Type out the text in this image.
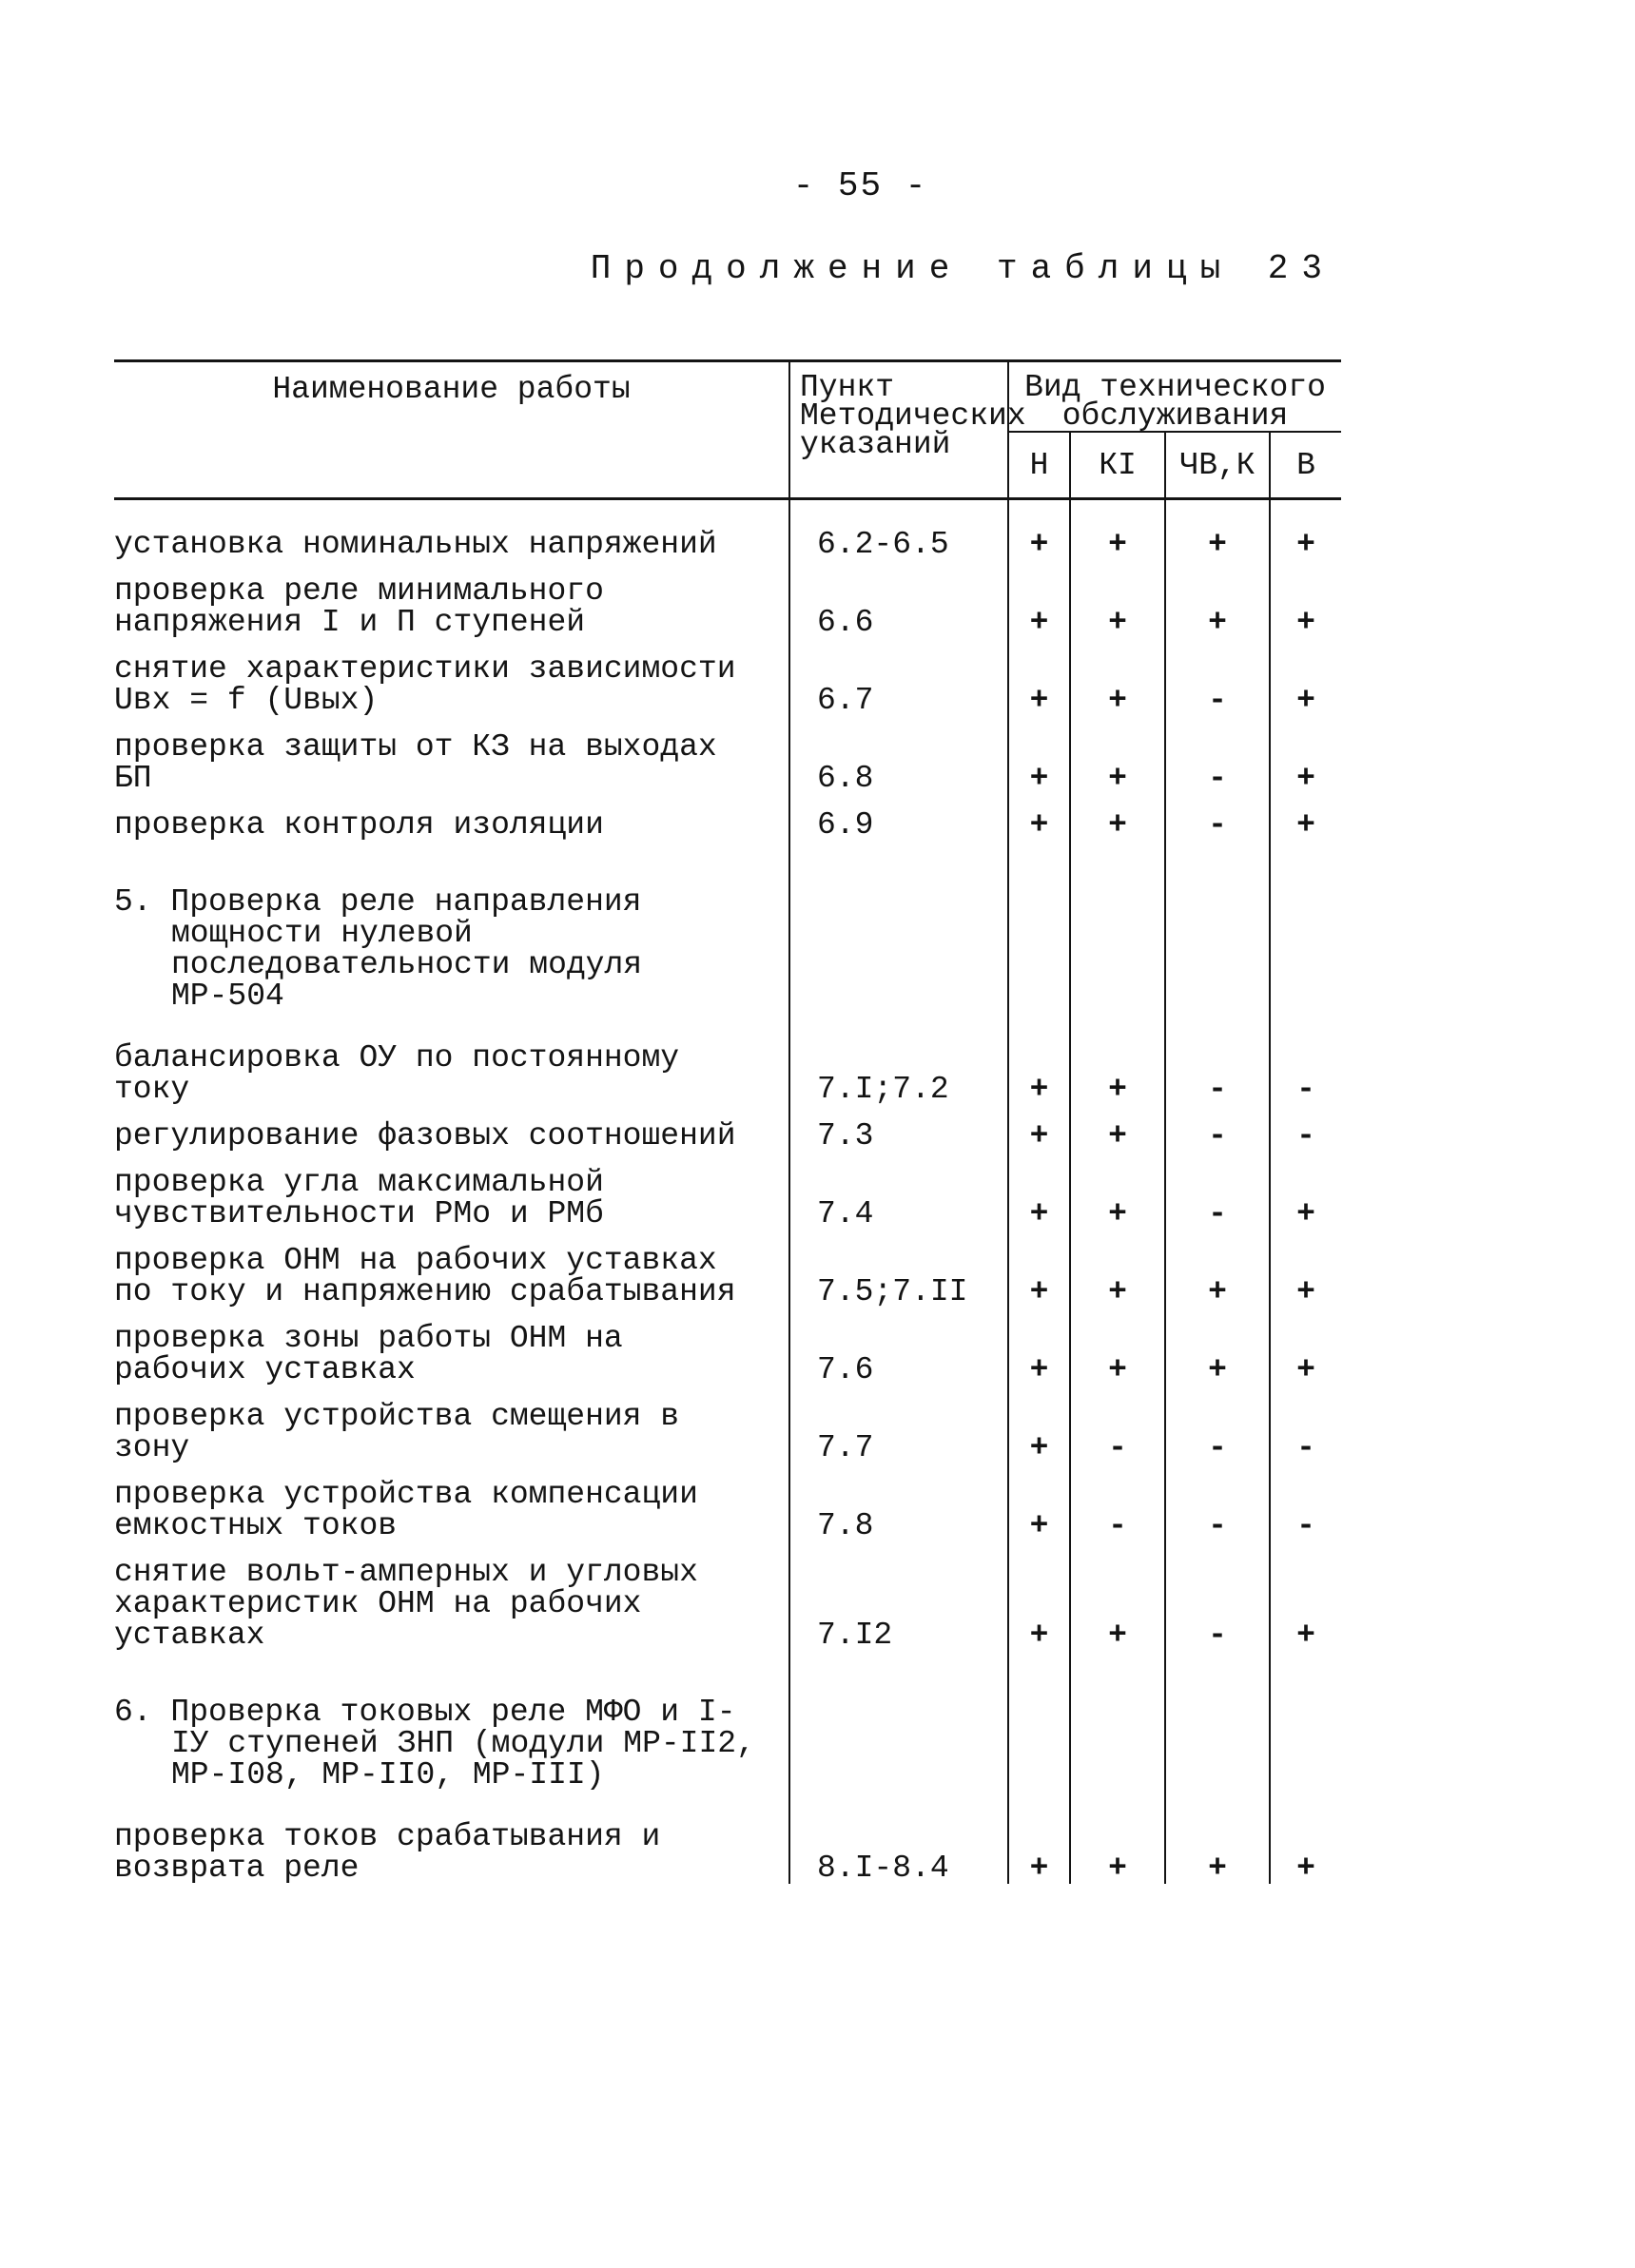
- 55 -
Продолжение таблицы 23
Наименование работы	Пункт Методических указаний	Вид технического обслуживания			
		Н	КI	ЧВ,К	В
установка номинальных напряжений	6.2-6.5	+	+	+	+
проверка реле минимального напряжения I и П ступеней	6.6	+	+	+	+
снятие характеристики зависимости Uвх = f (Uвых)	6.7	+	+	-	+
проверка защиты от КЗ на выходах БП	6.8	+	+	-	+
проверка контроля изоляции	6.9	+	+	-	+

5. Проверка реле направления мощности нулевой последовательности модуля МР-504					

балансировка ОУ по постоянному току	7.I;7.2	+	+	-	-
регулирование фазовых соотношений	7.3	+	+	-	-
проверка угла максимальной чувствительности РМо и РМб	7.4	+	+	-	+
проверка ОНМ на рабочих уставках по току и напряжению срабатывания	7.5;7.II	+	+	+	+
проверка зоны работы ОНМ на рабочих уставках	7.6	+	+	+	+
проверка устройства смещения в зону	7.7	+	-	-	-
проверка устройства компенсации емкостных токов	7.8	+	-	-	-
снятие вольт-амперных и угловых характеристик ОНМ на рабочих уставках	7.I2	+	+	-	+

6. Проверка токовых реле МФО и I-IУ ступеней ЗНП (модули МР-II2, МР-I08, МР-II0, МР-III)					

проверка токов срабатывания и возврата реле	8.I-8.4	+	+	+	+
